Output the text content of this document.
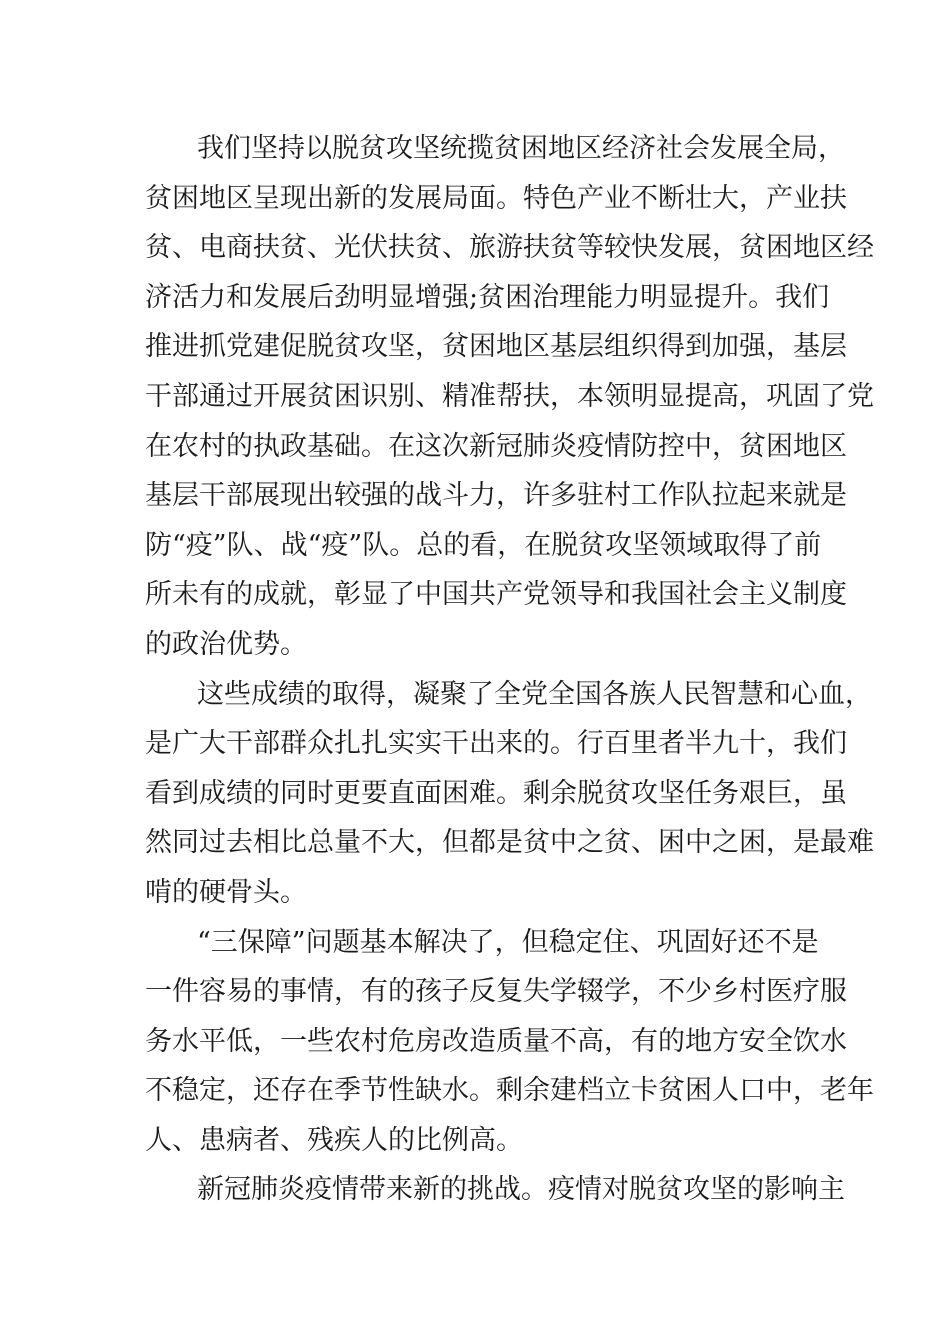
我们坚持以脱贫攻坚统揽贫困地区经济社会发展全局，
贫困地区呈现出新的发展局面。特色产业不断壮大，产业扶
贫、电商扶贫、光伏扶贫、旅游扶贫等较快发展，贫困地区经
济活力和发展后劲明显增强;贫困治理能力明显提升。我们
推进抓党建促脱贫攻坚，贫困地区基层组织得到加强，基层
干部通过开展贫困识别、精准帮扶，本领明显提高，巩固了党
在农村的执政基础。在这次新冠肺炎疫情防控中，贫困地区
基层干部展现出较强的战斗力，许多驻村工作队拉起来就是
防“疫”队、战“疫”队。总的看，在脱贫攻坚领域取得了前
所未有的成就，彰显了中国共产党领导和我国社会主义制度
的政治优势。
这些成绩的取得，凝聚了全党全国各族人民智慧和心血，
是广大干部群众扎扎实实干出来的。行百里者半九十，我们
看到成绩的同时更要直面困难。剩余脱贫攻坚任务艰巨，虽
然同过去相比总量不大，但都是贫中之贫、困中之困，是最难
啃的硬骨头。
“三保障”问题基本解决了，但稳定住、巩固好还不是
一件容易的事情，有的孩子反复失学辍学，不少乡村医疗服
务水平低，一些农村危房改造质量不高，有的地方安全饮水
不稳定，还存在季节性缺水。剩余建档立卡贫困人口中，老年
人、患病者、残疾人的比例高。
新冠肺炎疫情带来新的挑战。疫情对脱贫攻坚的影响主
